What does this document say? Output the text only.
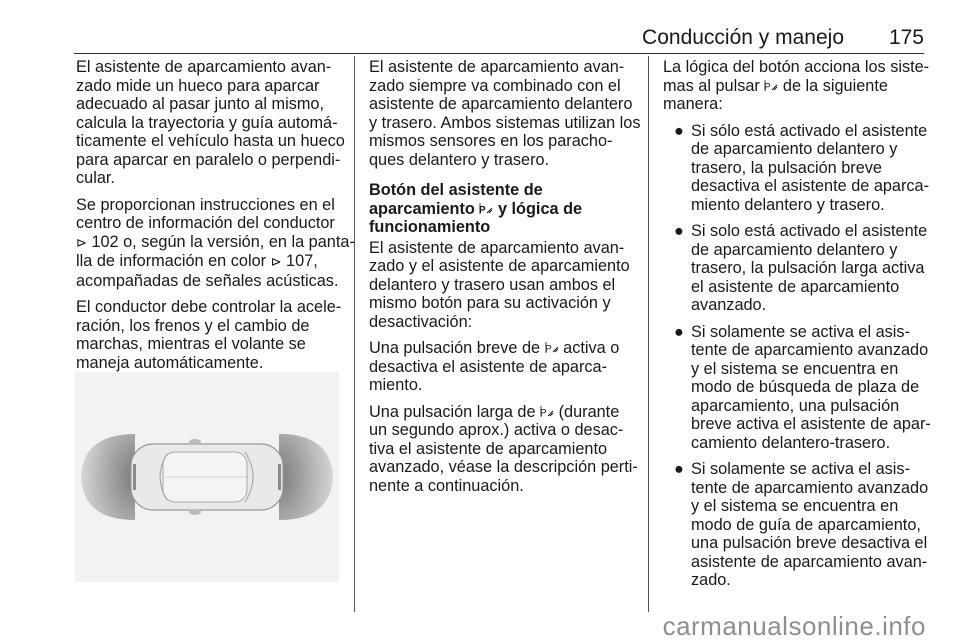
Conducción y manejo 175

El asistente de aparcamiento avan-
zado mide un hueco para aparcar
adecuado al pasar junto al mismo,
calcula la trayectoria y guía automá-
ticamente el vehículo hasta un hueco
para aparcar en paralelo o perpendi-
cular.

Se proporcionan instrucciones en el
centro de información del conductor
⊳ 102 o, según la versión, en la panta-
lla de información en color ⊳ 107,
acompañadas de señales acústicas.

El conductor debe controlar la acele-
ración, los frenos y el cambio de
marchas, mientras el volante se
maneja automáticamente.

El asistente de aparcamiento avan-
zado siempre va combinado con el
asistente de aparcamiento delantero
y trasero. Ambos sistemas utilizan los
mismos sensores en los paracho-
ques delantero y trasero.

Botón del asistente de
aparcamiento P y lógica de
funcionamiento

El asistente de aparcamiento avan-
zado y el asistente de aparcamiento
delantero y trasero usan ambos el
mismo botón para su activación y
desactivación:

Una pulsación breve de P activa o
desactiva el asistente de aparca-
miento.

Una pulsación larga de P (durante
un segundo aprox.) activa o desac-
tiva el asistente de aparcamiento
avanzado, véase la descripción perti-
nente a continuación.

La lógica del botón acciona los siste-
mas al pulsar P de la siguiente
manera:

● Si sólo está activado el asistente
de aparcamiento delantero y
trasero, la pulsación breve
desactiva el asistente de aparca-
miento delantero y trasero.
● Si solo está activado el asistente
de aparcamiento delantero y
trasero, la pulsación larga activa
el asistente de aparcamiento
avanzado.
● Si solamente se activa el asis-
tente de aparcamiento avanzado
y el sistema se encuentra en
modo de búsqueda de plaza de
aparcamiento, una pulsación
breve activa el asistente de apar-
camiento delantero-trasero.
● Si solamente se activa el asis-
tente de aparcamiento avanzado
y el sistema se encuentra en
modo de guía de aparcamiento,
una pulsación breve desactiva el
asistente de aparcamiento avan-
zado.
carmanualsonline.info
